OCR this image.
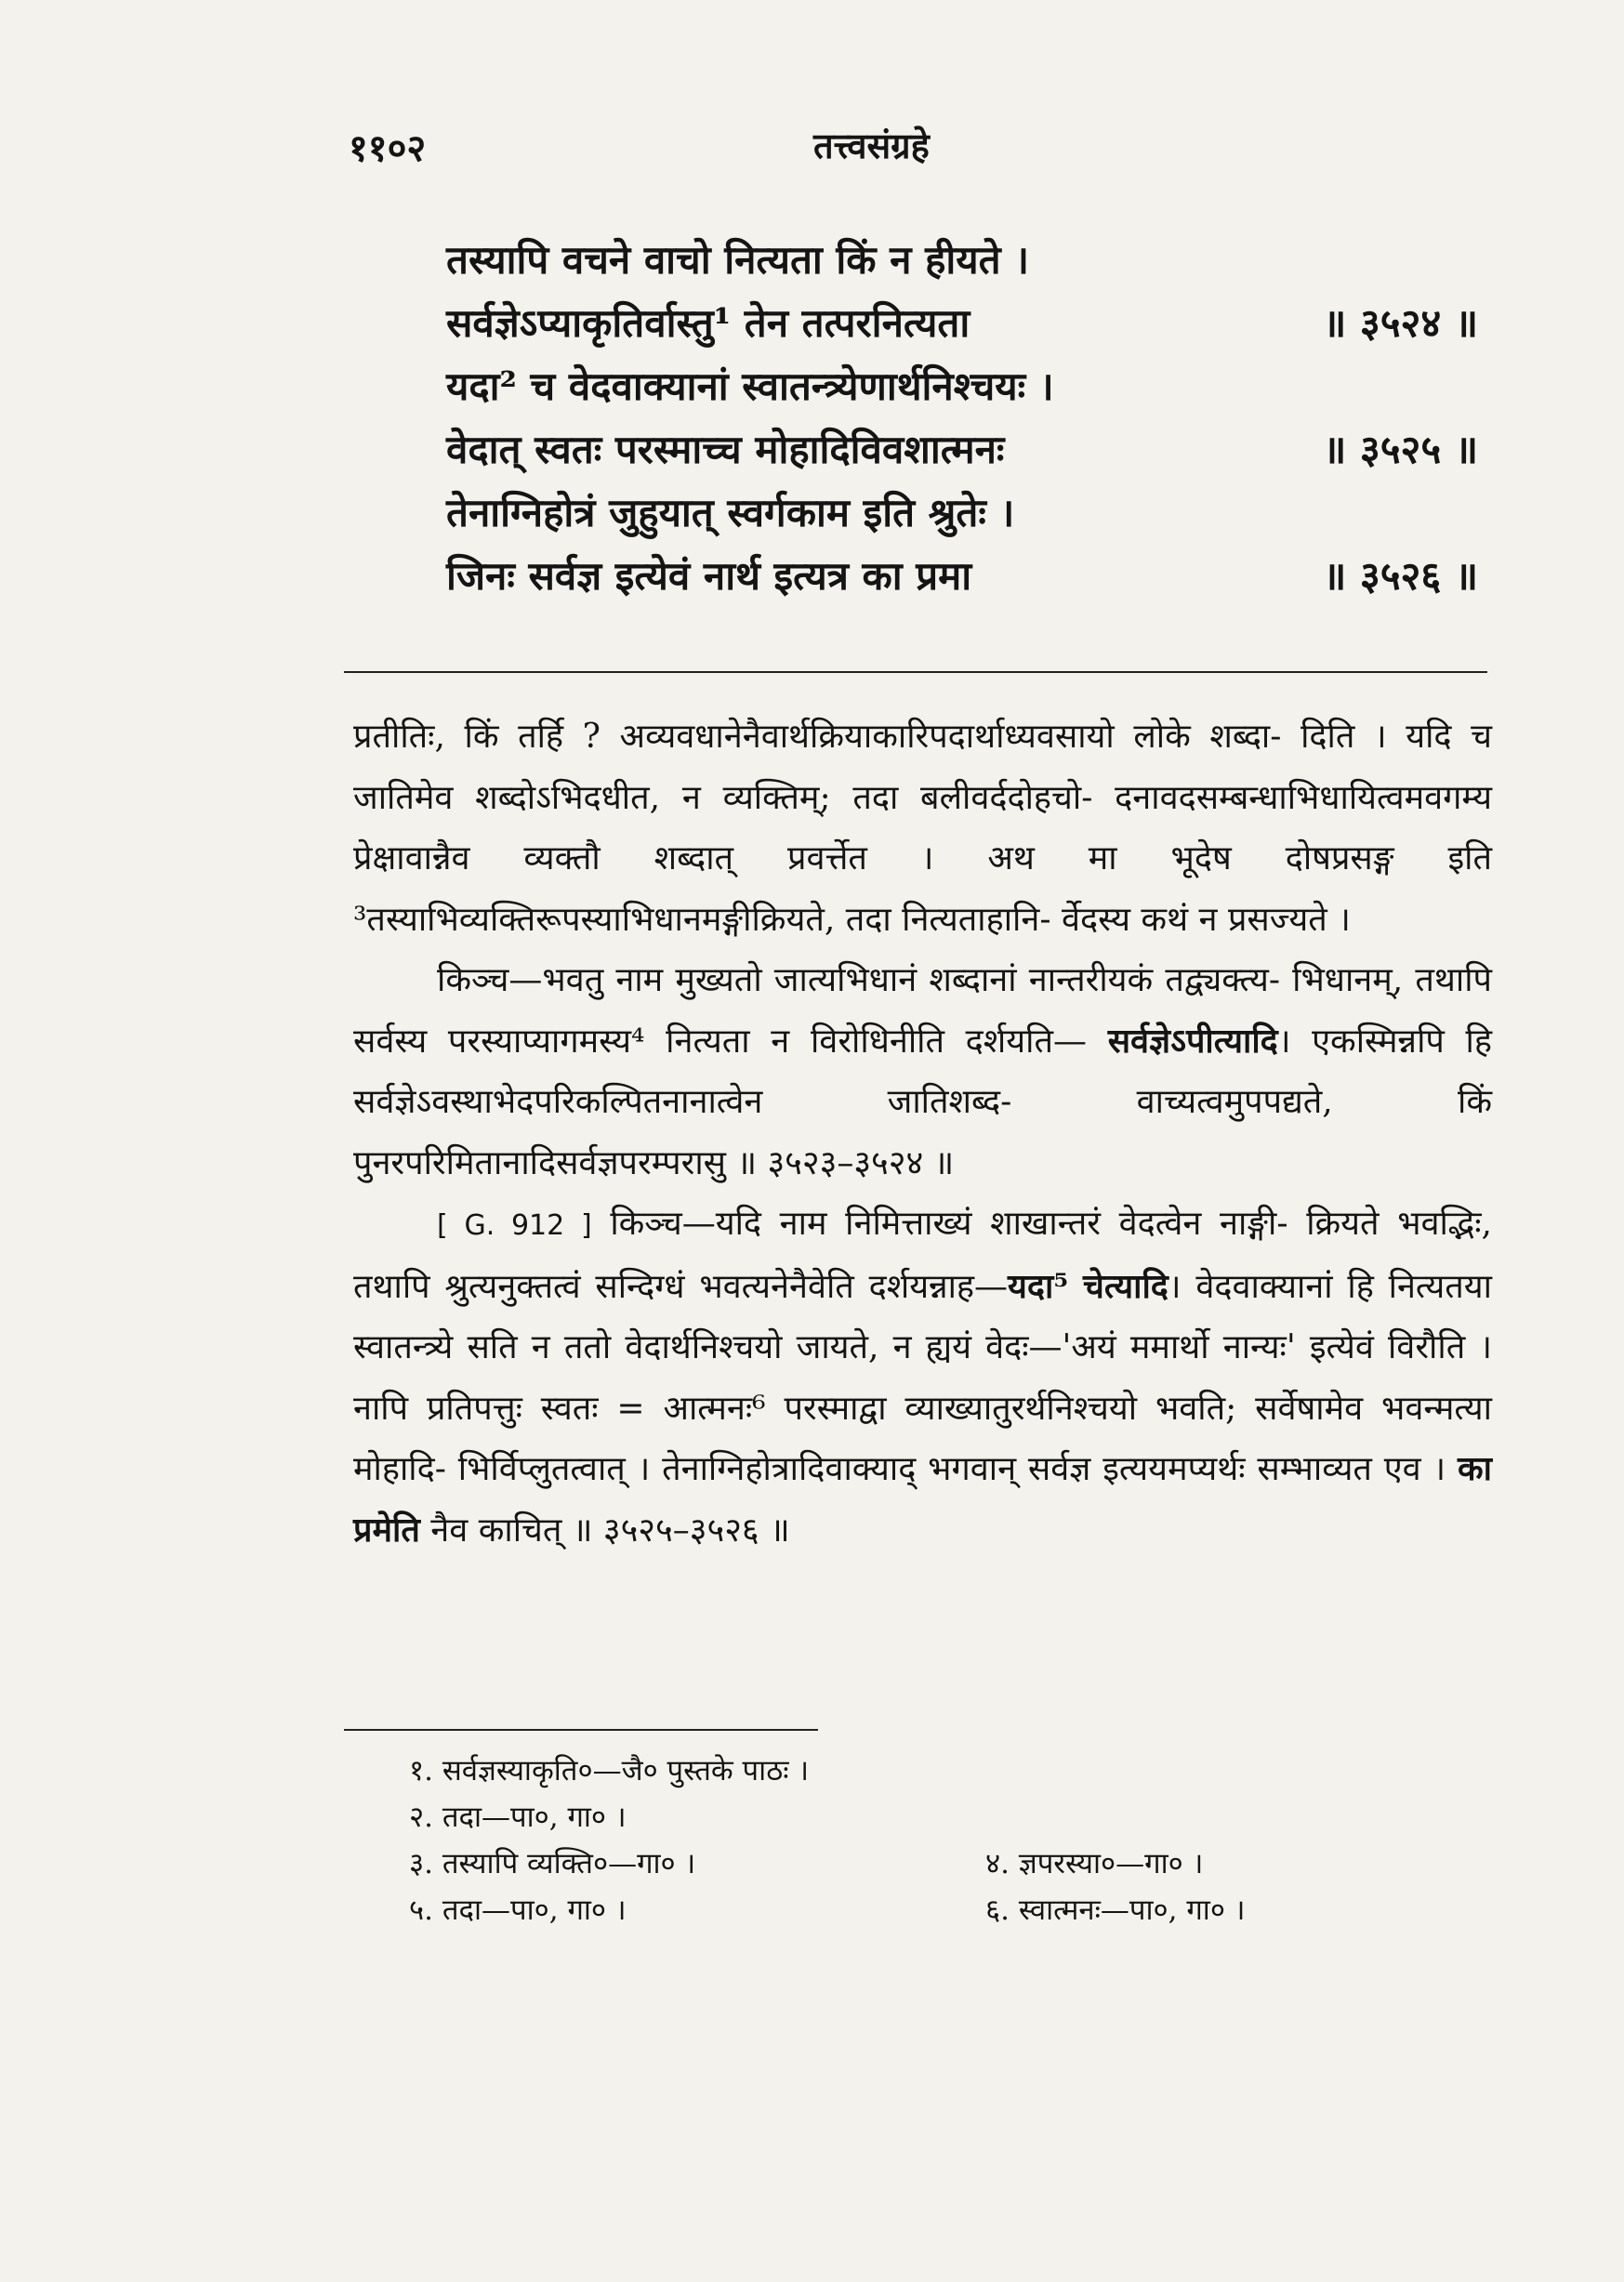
११०२	तत्त्वसंग्रहे
तस्यापि वचने वाचो नित्यता किं न हीयते ।
सर्वज्ञेऽप्याकृतिर्वास्तु¹ तेन तत्परनित्यता	॥ ३५२४ ॥
यदा² च वेदवाक्यानां स्वातन्त्र्येणार्थनिश्चयः ।
वेदात् स्वतः परस्माच्च मोहादिविवशात्मनः	॥ ३५२५ ॥
तेनाग्निहोत्रं जुहुयात् स्वर्गकाम इति श्रुतेः ।
जिनः सर्वज्ञ इत्येवं नार्थ इत्यत्र का प्रमा	॥ ३५२६ ॥

प्रतीतिः, किं तर्हि ? अव्यवधानेनैवार्थक्रियाकारिपदार्थाध्यवसायो लोके शब्दा- दिति । यदि च जातिमेव शब्दोऽभिदधीत, न व्यक्तिम्; तदा बलीवर्ददोहचो- दनावदसम्बन्धाभिधायित्वमवगम्य प्रेक्षावान्नैव व्यक्तौ शब्दात् प्रवर्त्तेत । अथ मा भूदेष दोषप्रसङ्ग इति ³तस्याभिव्यक्तिरूपस्याभिधानमङ्गीक्रियते, तदा नित्यताहानि- र्वेदस्य कथं न प्रसज्यते ।

किञ्च—भवतु नाम मुख्यतो जात्यभिधानं शब्दानां नान्तरीयकं तद्व्यक्त्य- भिधानम्, तथापि सर्वस्य परस्याप्यागमस्य⁴ नित्यता न विरोधिनीति दर्शयति— सर्वज्ञेऽपीत्यादि। एकस्मिन्नपि हि सर्वज्ञेऽवस्थाभेदपरिकल्पितनानात्वेन जातिशब्द-	वाच्यत्वमुपपद्यते, किं पुनरपरिमितानादिसर्वज्ञपरम्परासु ॥ ३५२३–३५२४ ॥

[ G. 912 ] किञ्च—यदि नाम निमित्ताख्यं शाखान्तरं वेदत्वेन नाङ्गी- क्रियते भवद्भिः, तथापि श्रुत्यनुक्तत्वं सन्दिग्धं भवत्यनेनैवेति दर्शयन्नाह—यदा⁵ चेत्यादि। वेदवाक्यानां हि नित्यतया स्वातन्त्र्ये सति न ततो वेदार्थनिश्चयो जायते, न ह्ययं वेदः—'अयं ममार्थो नान्यः' इत्येवं विरौति । नापि प्रतिपत्तुः स्वतः = आत्मनः⁶ परस्माद्वा व्याख्यातुरर्थनिश्चयो भवति; सर्वेषामेव भवन्मत्या मोहादि- भिर्विप्लुतत्वात् । तेनाग्निहोत्रादिवाक्याद् भगवान् सर्वज्ञ इत्ययमप्यर्थः सम्भाव्यत एव । का प्रमेति नैव काचित् ॥ ३५२५–३५२६ ॥

१. सर्वज्ञस्याकृति०—जै० पुस्तके पाठः ।
२. तदा—पा०, गा० ।
३. तस्यापि व्यक्ति०—गा० ।	४. ज्ञपरस्या०—गा० ।
५. तदा—पा०, गा० ।	६. स्वात्मनः—पा०, गा० ।
